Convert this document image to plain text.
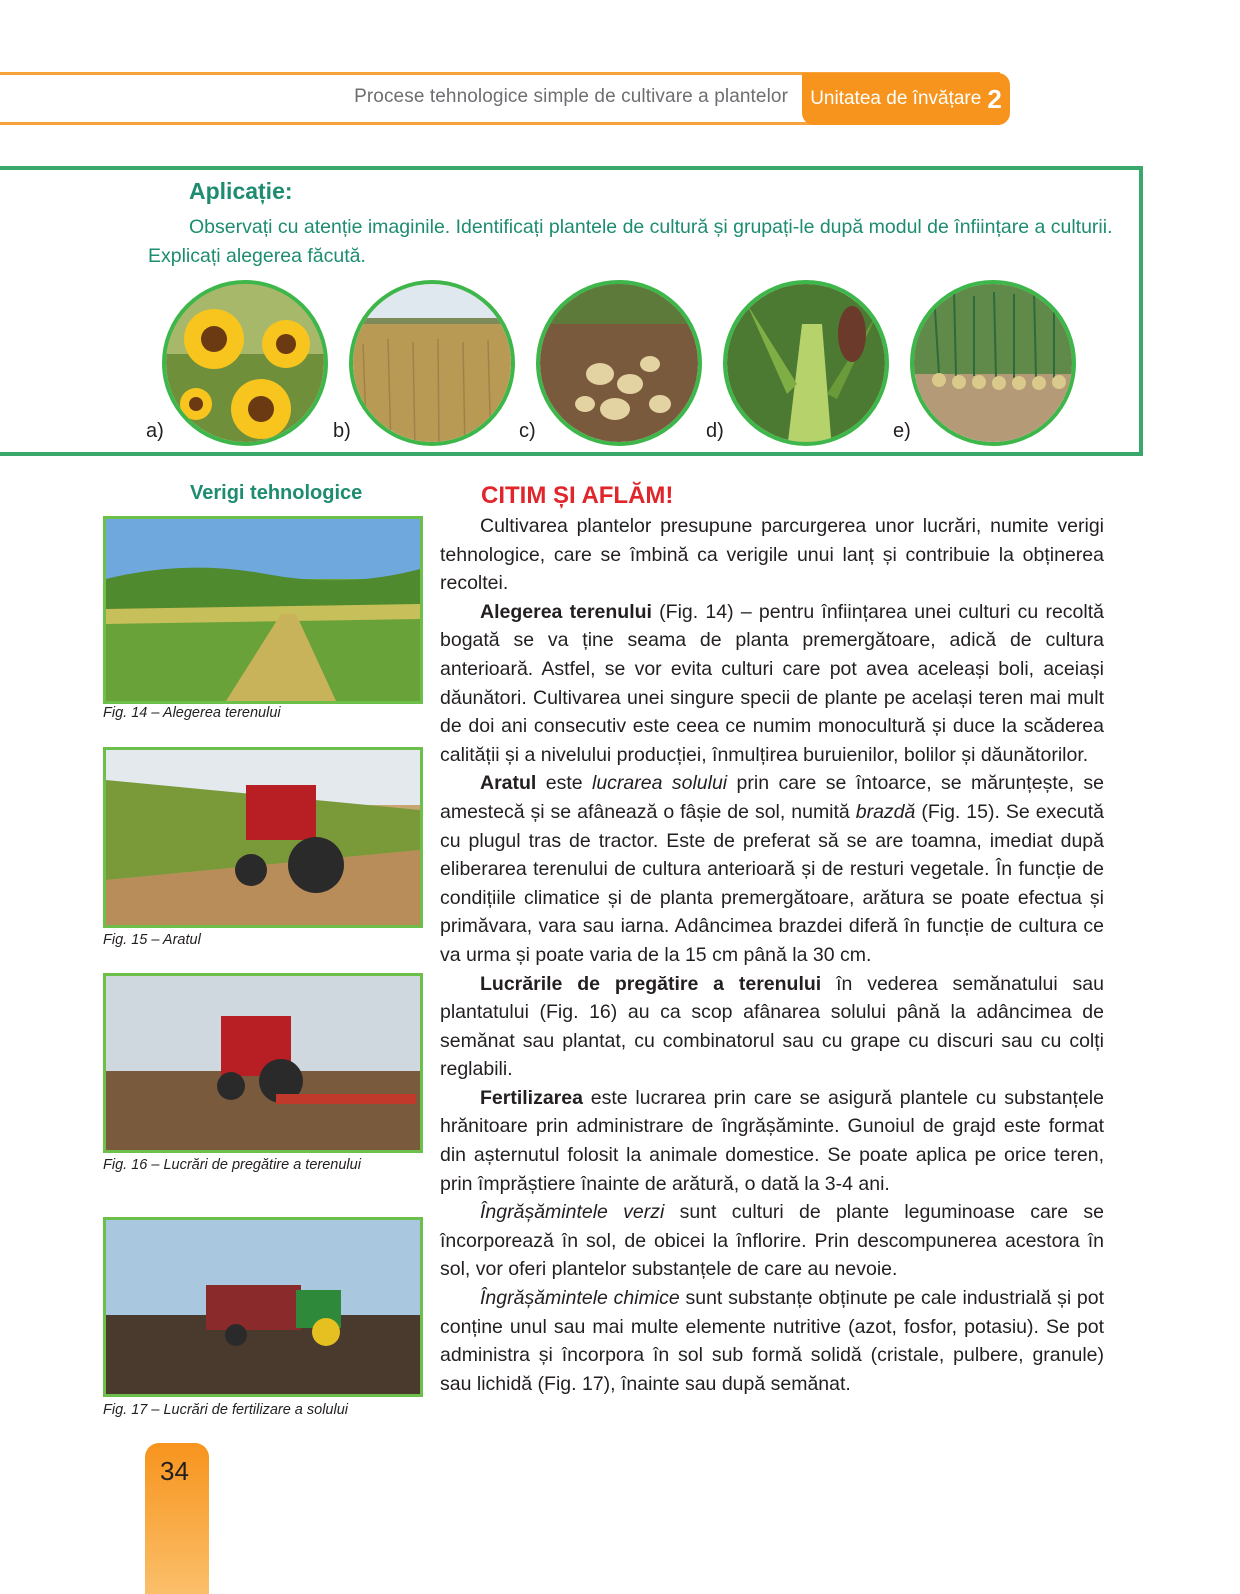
Procese tehnologice simple de cultivare a plantelor Unitatea de învățare 2
Aplicație:
Observați cu atenție imaginile. Identificați plantele de cultură și grupați-le după modul de înființare a culturii. Explicați alegerea făcută.
a)	b)	c)	d)	e)
Verigi tehnologice
Fig. 14 – Alegerea terenului
Fig. 15 – Aratul
Fig. 16 – Lucrări de pregătire a terenului
Fig. 17 – Lucrări de fertilizare a solului
CITIM ȘI AFLĂM!

Cultivarea plantelor presupune parcurgerea unor lucrări, numite verigi tehnologice, care se îmbină ca verigile unui lanț și contribuie la obținerea recoltei.

Alegerea terenului (Fig. 14) – pentru înființarea unei culturi cu recoltă bogată se va ține seama de planta premergătoare, adică de cultura anterioară. Astfel, se vor evita culturi care pot avea aceleași boli, aceiași dăunători. Cultivarea unei singure specii de plante pe același teren mai mult de doi ani consecutiv este ceea ce numim monocultură și duce la scăderea calității și a nivelului producției, înmulțirea buruienilor, bolilor și dăunătorilor.

Aratul este lucrarea solului prin care se întoarce, se mărunțește, se amestecă și se afânează o fâșie de sol, numită brazdă (Fig. 15). Se execută cu plugul tras de tractor. Este de preferat să se are toamna, imediat după eliberarea terenului de cultura anterioară și de resturi vegetale. În funcție de condițiile climatice și de planta premergătoare, arătura se poate efectua și primăvara, vara sau iarna. Adâncimea brazdei diferă în funcție de cultura ce va urma și poate varia de la 15 cm până la 30 cm.

Lucrările de pregătire a terenului în vederea semănatului sau plantatului (Fig. 16) au ca scop afânarea solului până la adâncimea de semănat sau plantat, cu combinatorul sau cu grape cu discuri sau cu colți reglabili.

Fertilizarea este lucrarea prin care se asigură plantele cu substanțele hrănitoare prin administrare de îngrășăminte. Gunoiul de grajd este format din așternutul folosit la animale domestice. Se poate aplica pe orice teren, prin împrăștiere înainte de arătură, o dată la 3-4 ani.

Îngrășămintele verzi sunt culturi de plante leguminoase care se încorporează în sol, de obicei la înflorire. Prin descompunerea acestora în sol, vor oferi plantelor substanțele de care au nevoie.

Îngrășămintele chimice sunt substanțe obținute pe cale industrială și pot conține unul sau mai multe elemente nutritive (azot, fosfor, potasiu). Se pot administra și încorpora în sol sub formă solidă (cristale, pulbere, granule) sau lichidă (Fig. 17), înainte sau după semănat.

34
